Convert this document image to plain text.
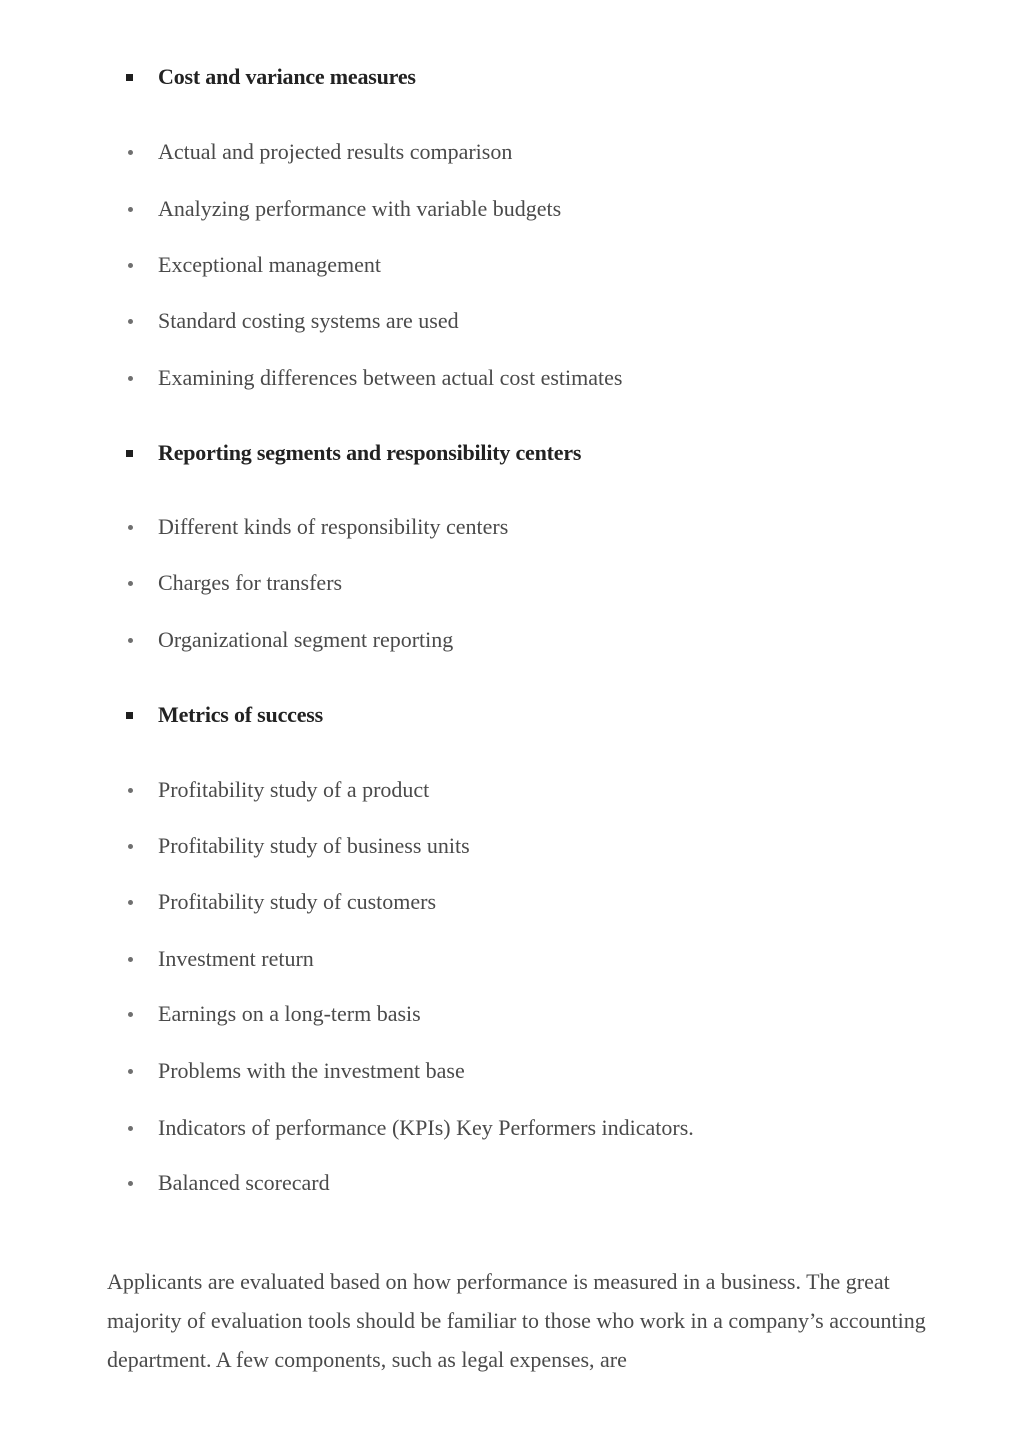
Cost and variance measures
Actual and projected results comparison
Analyzing performance with variable budgets
Exceptional management
Standard costing systems are used
Examining differences between actual cost estimates
Reporting segments and responsibility centers
Different kinds of responsibility centers
Charges for transfers
Organizational segment reporting
Metrics of success
Profitability study of a product
Profitability study of business units
Profitability study of customers
Investment return
Earnings on a long-term basis
Problems with the investment base
Indicators of performance (KPIs) Key Performers indicators.
Balanced scorecard

Applicants are evaluated based on how performance is measured in a business. The great majority of evaluation tools should be familiar to those who work in a company’s accounting department. A few components, such as legal expenses, are
